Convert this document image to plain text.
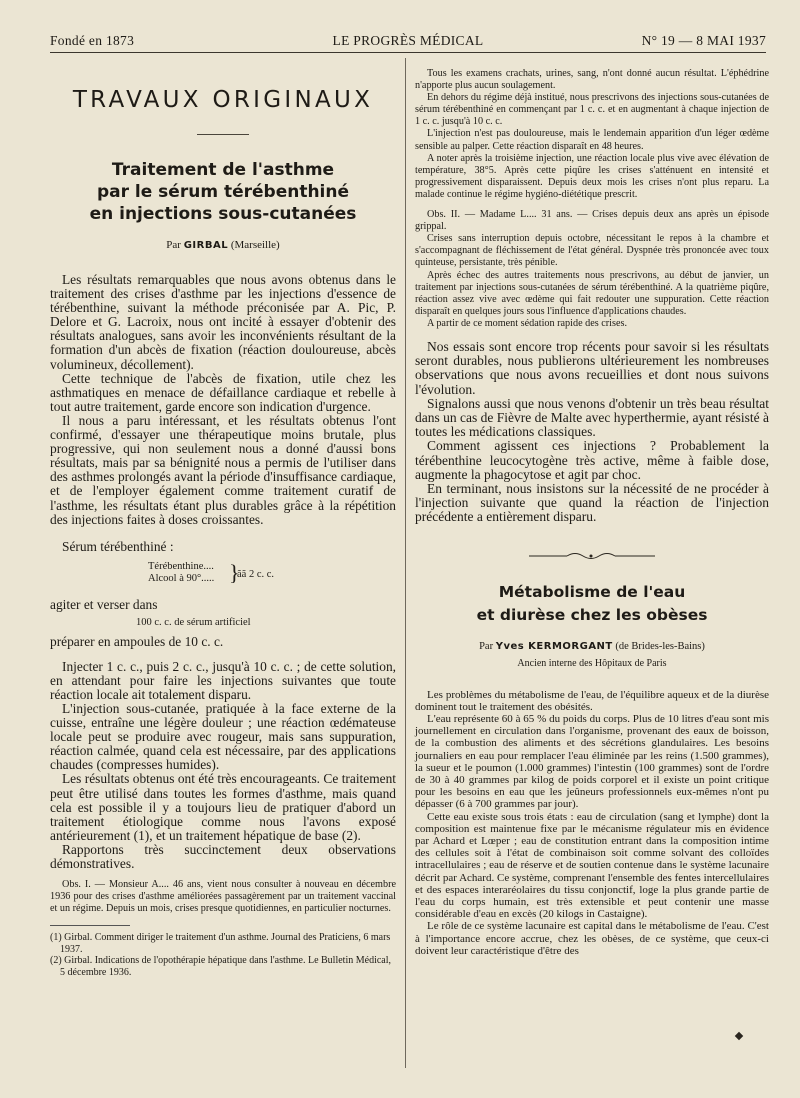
Fondé en 1873	LE PROGRÈS MÉDICAL	N° 19 — 8 MAI 1937
TRAVAUX ORIGINAUX
Traitement de l'asthme
par le sérum térébenthiné
en injections sous-cutanées
Par GIRBAL (Marseille)

Les résultats remarquables que nous avons obtenus dans le traitement des crises d'asthme par les injections d'essence de térébenthine, suivant la méthode préconisée par A. Pic, P. Delore et G. Lacroix, nous ont incité à essayer d'obtenir des résultats analogues, sans avoir les inconvénients résultant de la formation d'un abcès de fixation (réaction douloureuse, abcès volumineux, décollement).

Cette technique de l'abcès de fixation, utile chez les asthmatiques en menace de défaillance cardiaque et rebelle à tout autre traitement, garde encore son indication d'urgence.

Il nous a paru intéressant, et les résultats obtenus l'ont confirmé, d'essayer une thérapeutique moins brutale, plus progressive, qui non seulement nous a donné d'aussi bons résultats, mais par sa bénignité nous a permis de l'utiliser dans des asthmes prolongés avant la période d'insuffisance cardiaque, et de l'employer également comme traitement curatif de l'asthme, les résultats étant plus durables grâce à la répétition des injections faites à doses croissantes.

Sérum térébenthiné :
Térébenthine....
Alcool à 90°..... }
ãã 2 c. c.

agiter et verser dans

100 c. c. de sérum artificiel

préparer en ampoules de 10 c. c.

Injecter 1 c. c., puis 2 c. c., jusqu'à 10 c. c. ; de cette solution, en attendant pour faire les injections suivantes que toute réaction locale ait totalement disparu.

L'injection sous-cutanée, pratiquée à la face externe de la cuisse, entraîne une légère douleur ; une réaction œdémateuse locale peut se produire avec rougeur, mais sans suppuration, réaction calmée, quand cela est nécessaire, par des applications chaudes (compresses humides).

Les résultats obtenus ont été très encourageants. Ce traitement peut être utilisé dans toutes les formes d'asthme, mais quand cela est possible il y a toujours lieu de pratiquer d'abord un traitement étiologique comme nous l'avons exposé antérieurement (1), et un traitement hépatique de base (2).

Rapportons très succinctement deux observations démonstratives.

Obs. I. — Monsieur A.... 46 ans, vient nous consulter à nouveau en décembre 1936 pour des crises d'asthme améliorées passagèrement par un traitement vaccinal et un régime. Depuis un mois, crises presque quotidiennes, en particulier nocturnes.

(1) Girbal. Comment diriger le traitement d'un asthme. Journal des Praticiens, 6 mars 1937.

(2) Girbal. Indications de l'opothérapie hépatique dans l'asthme. Le Bulletin Médical, 5 décembre 1936.

Tous les examens crachats, urines, sang, n'ont donné aucun résultat. L'éphédrine n'apporte plus aucun soulagement.

En dehors du régime déjà institué, nous prescrivons des injections sous-cutanées de sérum térébenthiné en commençant par 1 c. c. et en augmentant à chaque injection de 1 c. c. jusqu'à 10 c. c.

L'injection n'est pas douloureuse, mais le lendemain apparition d'un léger œdème sensible au palper. Cette réaction disparaît en 48 heures.

A noter après la troisième injection, une réaction locale plus vive avec élévation de température, 38°5. Après cette piqûre les crises s'atténuent en intensité et progressivement disparaissent. Depuis deux mois les crises n'ont plus reparu. La malade continue le régime hygiéno-diététique prescrit.

Obs. II. — Madame L.... 31 ans. — Crises depuis deux ans après un épisode grippal.

Crises sans interruption depuis octobre, nécessitant le repos à la chambre et s'accompagnant de fléchissement de l'état général. Dyspnée très prononcée avec toux quinteuse, persistante, très pénible.

Après échec des autres traitements nous prescrivons, au début de janvier, un traitement par injections sous-cutanées de sérum térébenthiné. A la quatrième piqûre, réaction assez vive avec œdème qui fait redouter une suppuration. Cette réaction disparaît en quelques jours sous l'influence d'applications chaudes.

A partir de ce moment sédation rapide des crises.

Nos essais sont encore trop récents pour savoir si les résultats seront durables, nous publierons ultérieurement les nombreuses observations que nous avons recueillies et dont nous suivons l'évolution.

Signalons aussi que nous venons d'obtenir un très beau résultat dans un cas de Fièvre de Malte avec hyperthermie, ayant résisté à toutes les médications classiques.

Comment agissent ces injections ? Probablement la térébenthine leucocytogène très active, même à faible dose, augmente la phagocytose et agit par choc.

En terminant, nous insistons sur la nécessité de ne procéder à l'injection suivante que quand la réaction de l'injection précédente a entièrement disparu.

Métabolisme de l'eau
et diurèse chez les obèses
Par Yves KERMORGANT (de Brides-les-Bains)
Ancien interne des Hôpitaux de Paris

Les problèmes du métabolisme de l'eau, de l'équilibre aqueux et de la diurèse dominent tout le traitement des obésités.

L'eau représente 60 à 65 % du poids du corps. Plus de 10 litres d'eau sont mis journellement en circulation dans l'organisme, provenant des eaux de boisson, de la combustion des aliments et des sécrétions glandulaires. Les besoins journaliers en eau pour remplacer l'eau éliminée par les reins (1.500 grammes), la sueur et le poumon (1.000 grammes) l'intestin (100 grammes) sont de l'ordre de 30 à 40 grammes par kilog de poids corporel et il existe un point critique pour les besoins en eau que les jeûneurs professionnels eux-mêmes n'ont pu dépasser (6 à 700 grammes par jour).

Cette eau existe sous trois états : eau de circulation (sang et lymphe) dont la composition est maintenue fixe par le mécanisme régulateur mis en évidence par Achard et Lœper ; eau de constitution entrant dans la composition intime des cellules soit à l'état de combinaison soit comme solvant des colloïdes intracellulaires ; eau de réserve et de soutien contenue dans le système lacunaire décrit par Achard. Ce système, comprenant l'ensemble des fentes intercellulaires et des espaces interaréolaires du tissu conjonctif, loge la plus grande partie de l'eau du corps humain, est très extensible et peut contenir une masse considérable d'eau en excès (20 kilogs in Castaigne).

Le rôle de ce système lacunaire est capital dans le métabolisme de l'eau. C'est à l'importance encore accrue, chez les obèses, de ce système, que ceux-ci doivent leur caractéristique d'être des
